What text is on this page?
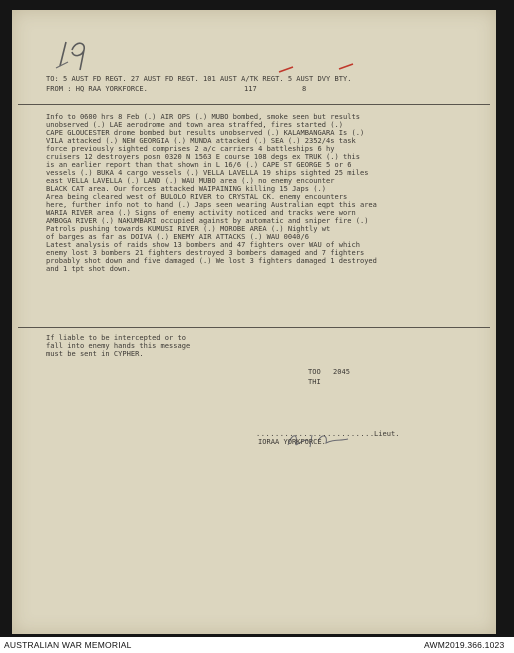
TO: 5 AUST FD REGT. 27 AUST FD REGT. 101 AUST A/TK REGT. 5 AUST DVY BTY.
FROM : HQ RAA YORKFORCE.	117	8
Info to 0600 hrs 8 Feb (.) AIR OPS (.) MUBO bombed, smoke seen but results
unobserved (.) LAE aerodrome and town area straffed, fires started (.)
CAPE GLOUCESTER drome bombed but results unobserved (.) KALAMBANGARA Is (.)
VILA attacked (.) NEW GEORGIA (.) MUNDA attacked (.) SEA (.) 2352/4s task
force previously sighted comprises 2 a/c carriers 4 battleships 6 hy
cruisers 12 destroyers posn 0320 N 1563 E course 108 degs ex TRUK (.) this
is an earlier report than that shown in L 16/6 (.) CAPE ST GEORGE 5 or 6
vessels (.) BUKA 4 cargo vessels (.) VELLA LAVELLA 19 ships sighted 25 miles
east VELLA LAVELLA (.) LAND (.) WAU MUBO area (.) no enemy encounter
BLACK CAT area. Our forces attacked WAIPAINING killing 15 Japs (.)
Area being cleared west of BULOLO RIVER to CRYSTAL CK. enemy encounters
here, further info not to hand (.) Japs seen wearing Australian eqpt this area
WARIA RIVER area (.) Signs of enemy activity noticed and tracks were worn
AMBOGA RIVER (.) NAKUMBARI occupied against by automatic and sniper fire (.)
Patrols pushing towards KUMUSI RIVER (.) MOROBE AREA (.) Nightly wt
of barges as far as DOIVA (.) ENEMY AIR ATTACKS (.) WAU 0040/6
Latest analysis of raids show 13 bombers and 47 fighters over WAU of which
enemy lost 3 bombers 21 fighters destroyed 3 bombers damaged and 7 fighters
probably shot down and five damaged (.) We lost 3 fighters damaged 1 destroyed
and 1 tpt shot down.
If liable to be intercepted or to
fall into enemy hands this message
must be sent in CYPHER.
TOO 2045
THI
......................... Lieut.
IORAA YORKFORCE.
AUSTRALIAN WAR MEMORIAL	AWM2019.366.1023
